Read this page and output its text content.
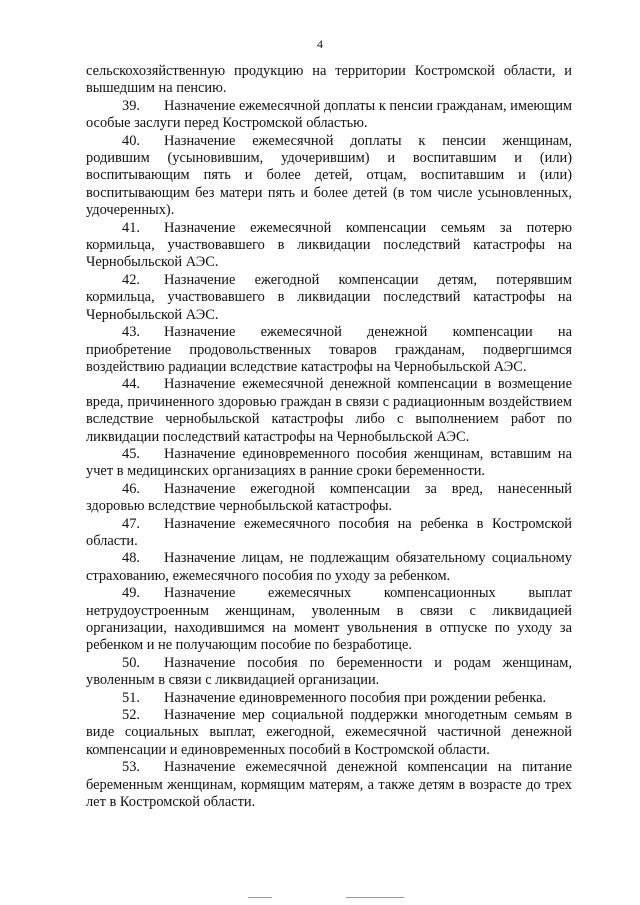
4

сельскохозяйственную продукцию на территории Костромской области, и вышедшим на пенсию.

39. Назначение ежемесячной доплаты к пенсии гражданам, имеющим особые заслуги перед Костромской областью.

40. Назначение ежемесячной доплаты к пенсии женщинам, родившим (усыновившим, удочерившим) и воспитавшим и (или) воспитывающим пять и более детей, отцам, воспитавшим и (или) воспитывающим без матери пять и более детей (в том числе усыновленных, удочеренных).

41. Назначение ежемесячной компенсации семьям за потерю кормильца, участвовавшего в ликвидации последствий катастрофы на Чернобыльской АЭС.

42. Назначение ежегодной компенсации детям, потерявшим кормильца, участвовавшего в ликвидации последствий катастрофы на Чернобыльской АЭС.

43. Назначение ежемесячной денежной компенсации на приобретение продовольственных товаров гражданам, подвергшимся воздействию радиации вследствие катастрофы на Чернобыльской АЭС.

44. Назначение ежемесячной денежной компенсации в возмещение вреда, причиненного здоровью граждан в связи с радиационным воздействием вследствие чернобыльской катастрофы либо с выполнением работ по ликвидации последствий катастрофы на Чернобыльской АЭС.

45. Назначение единовременного пособия женщинам, вставшим на учет в медицинских организациях в ранние сроки беременности.

46. Назначение ежегодной компенсации за вред, нанесенный здоровью вследствие чернобыльской катастрофы.

47. Назначение ежемесячного пособия на ребенка в Костромской области.

48. Назначение лицам, не подлежащим обязательному социальному страхованию, ежемесячного пособия по уходу за ребенком.

49. Назначение ежемесячных компенсационных выплат нетрудоустроенным женщинам, уволенным в связи с ликвидацией организации, находившимся на момент увольнения в отпуске по уходу за ребенком и не получающим пособие по безработице.

50. Назначение пособия по беременности и родам женщинам, уволенным в связи с ликвидацией организации.

51. Назначение единовременного пособия при рождении ребенка.

52. Назначение мер социальной поддержки многодетным семьям в виде социальных выплат, ежегодной, ежемесячной частичной денежной компенсации и единовременных пособий в Костромской области.

53. Назначение ежемесячной денежной компенсации на питание беременным женщинам, кормящим матерям, а также детям в возрасте до трех лет в Костромской области.
